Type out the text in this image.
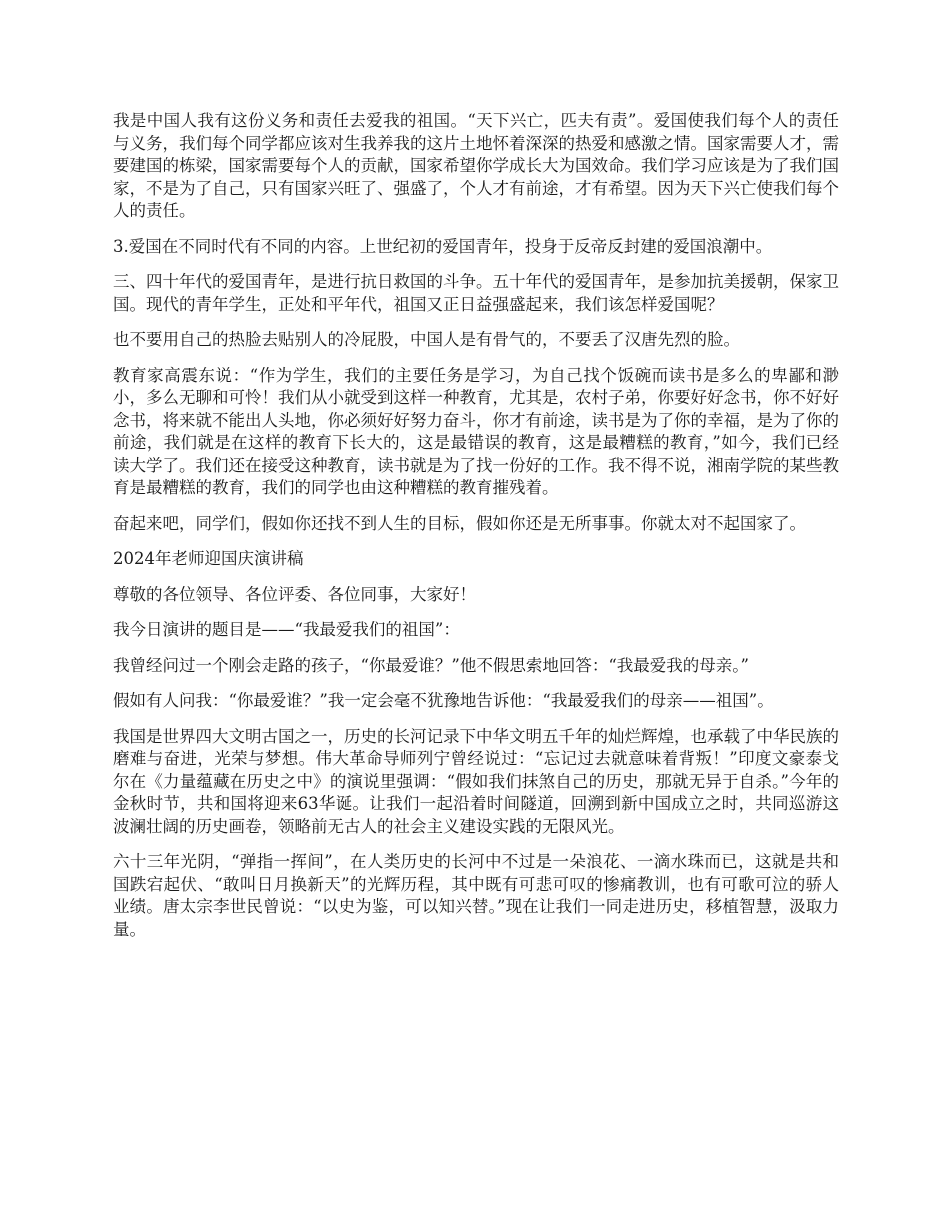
我是中国人我有这份义务和责任去爱我的祖国。“天下兴亡，匹夫有责”。爱国使我们每个人的责任与义务，我们每个同学都应该对生我养我的这片土地怀着深深的热爱和感激之情。国家需要人才，需要建国的栋梁，国家需要每个人的贡献，国家希望你学成长大为国效命。我们学习应该是为了我们国家，不是为了自己，只有国家兴旺了、强盛了，个人才有前途，才有希望。因为天下兴亡使我们每个人的责任。

3.爱国在不同时代有不同的内容。上世纪初的爱国青年，投身于反帝反封建的爱国浪潮中。

三、四十年代的爱国青年，是进行抗日救国的斗争。五十年代的爱国青年，是参加抗美援朝，保家卫国。现代的青年学生，正处和平年代，祖国又正日益强盛起来，我们该怎样爱国呢？

也不要用自己的热脸去贴别人的冷屁股，中国人是有骨气的，不要丢了汉唐先烈的脸。

教育家高震东说：“作为学生，我们的主要任务是学习，为自己找个饭碗而读书是多么的卑鄙和渺小，多么无聊和可怜！我们从小就受到这样一种教育，尤其是，农村子弟，你要好好念书，你不好好念书，将来就不能出人头地，你必须好好努力奋斗，你才有前途，读书是为了你的幸福，是为了你的前途，我们就是在这样的教育下长大的，这是最错误的教育，这是最糟糕的教育，”如今，我们已经读大学了。我们还在接受这种教育，读书就是为了找一份好的工作。我不得不说，湘南学院的某些教育是最糟糕的教育，我们的同学也由这种糟糕的教育摧残着。

奋起来吧，同学们，假如你还找不到人生的目标，假如你还是无所事事。你就太对不起国家了。

2024年老师迎国庆演讲稿

尊敬的各位领导、各位评委、各位同事，大家好！

我今日演讲的题目是——“我最爱我们的祖国”：

我曾经问过一个刚会走路的孩子，“你最爱谁？”他不假思索地回答：“我最爱我的母亲。”

假如有人问我：“你最爱谁？”我一定会毫不犹豫地告诉他：“我最爱我们的母亲——祖国”。

我国是世界四大文明古国之一，历史的长河记录下中华文明五千年的灿烂辉煌，也承载了中华民族的磨难与奋进，光荣与梦想。伟大革命导师列宁曾经说过：“忘记过去就意味着背叛！”印度文豪泰戈尔在《力量蕴藏在历史之中》的演说里强调：“假如我们抹煞自己的历史，那就无异于自杀。”今年的金秋时节，共和国将迎来63华诞。让我们一起沿着时间隧道，回溯到新中国成立之时，共同巡游这波澜壮阔的历史画卷，领略前无古人的社会主义建设实践的无限风光。

六十三年光阴，“弹指一挥间”，在人类历史的长河中不过是一朵浪花、一滴水珠而已，这就是共和国跌宕起伏、“敢叫日月换新天”的光辉历程，其中既有可悲可叹的惨痛教训，也有可歌可泣的骄人业绩。唐太宗李世民曾说：“以史为鉴，可以知兴替。”现在让我们一同走进历史，移植智慧，汲取力量。
